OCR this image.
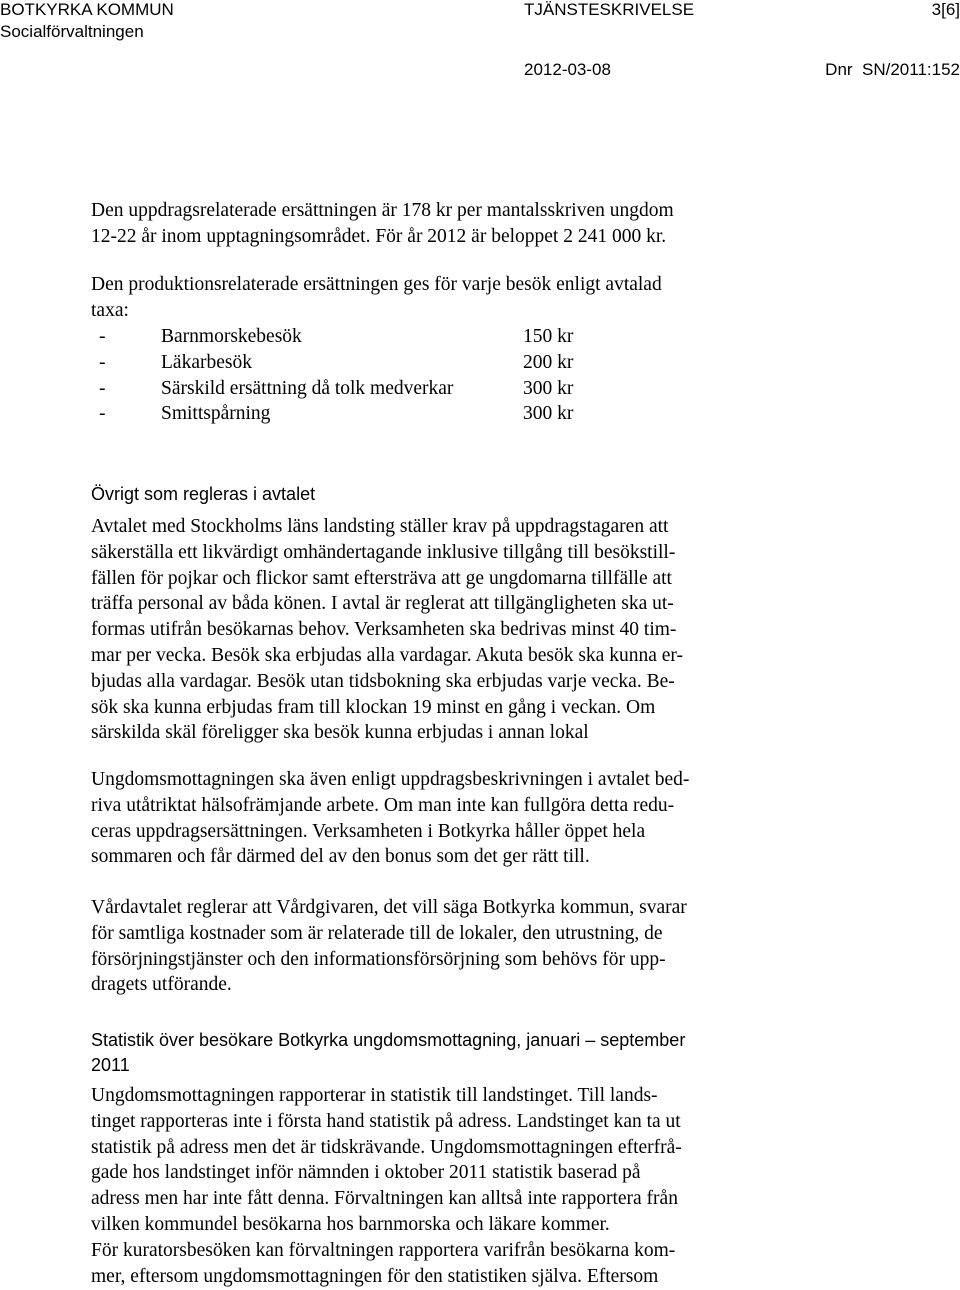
BOTKYRKA KOMMUN
Socialförvaltningen
TJÄNSTESKRIVELSE	3[6]
2012-03-08	Dnr  SN/2011:152
Den uppdragsrelaterade ersättningen är 178 kr per mantalsskriven ungdom
12-22 år inom upptagningsområdet. För år 2012 är beloppet 2 241 000 kr.
Den produktionsrelaterade ersättningen ges för varje besök enligt avtalad
taxa:
-	Barnmorskebesök	150 kr
-	Läkarbesök	200 kr
-	Särskild ersättning då tolk medverkar	300 kr
-	Smittspårning	300 kr
Övrigt som regleras i avtalet
Avtalet med Stockholms läns landsting ställer krav på uppdragstagaren att
säkerställa ett likvärdigt omhändertagande inklusive tillgång till besökstill-
fällen för pojkar och flickor samt eftersträva att ge ungdomarna tillfälle att
träffa personal av båda könen. I avtal är reglerat att tillgängligheten ska ut-
formas utifrån besökarnas behov. Verksamheten ska bedrivas minst 40 tim-
mar per vecka. Besök ska erbjudas alla vardagar. Akuta besök ska kunna er-
bjudas alla vardagar. Besök utan tidsbokning ska erbjudas varje vecka. Be-
sök ska kunna erbjudas fram till klockan 19 minst en gång i veckan. Om
särskilda skäl föreligger ska besök kunna erbjudas i annan lokal
Ungdomsmottagningen ska även enligt uppdragsbeskrivningen i avtalet bed-
riva utåtriktat hälsofrämjande arbete. Om man inte kan fullgöra detta redu-
ceras uppdragsersättningen. Verksamheten i Botkyrka håller öppet hela
sommaren och får därmed del av den bonus som det ger rätt till.
Vårdavtalet reglerar att Vårdgivaren, det vill säga Botkyrka kommun, svarar
för samtliga kostnader som är relaterade till de lokaler, den utrustning, de
försörjningstjänster och den informationsförsörjning som behövs för upp-
dragets utförande.
Statistik över besökare Botkyrka ungdomsmottagning, januari – september
2011
Ungdomsmottagningen rapporterar in statistik till landstinget. Till lands-
tinget rapporteras inte i första hand statistik på adress. Landstinget kan ta ut
statistik på adress men det är tidskrävande. Ungdomsmottagningen efterfrå-
gade hos landstinget inför nämnden i oktober 2011 statistik baserad på
adress men har inte fått denna. Förvaltningen kan alltså inte rapportera från
vilken kommundel besökarna hos barnmorska och läkare kommer.
För kuratorsbesöken kan förvaltningen rapportera varifrån besökarna kom-
mer, eftersom ungdomsmottagningen för den statistiken själva. Eftersom
